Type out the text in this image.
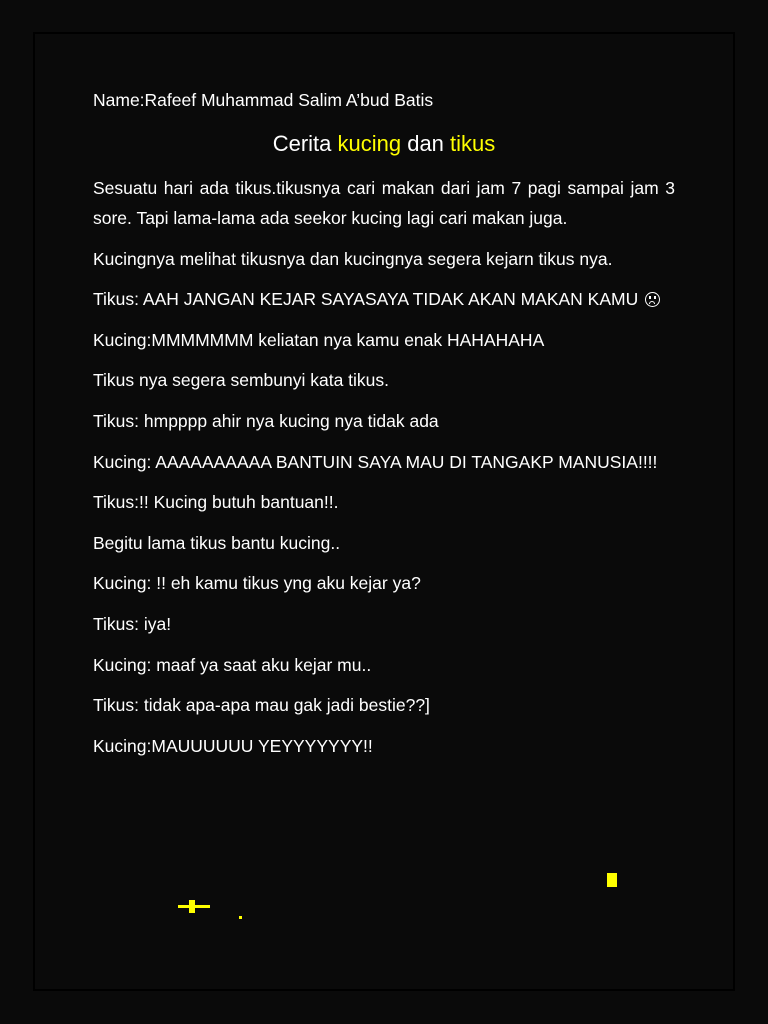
Name:Rafeef Muhammad Salim A’bud Batis
Cerita kucing dan tikus
Sesuatu hari ada tikus.tikusnya cari makan dari jam 7 pagi sampai jam 3 sore. Tapi lama-lama ada seekor kucing lagi cari makan juga.
Kucingnya melihat tikusnya dan kucingnya segera kejarn tikus nya.
Tikus: AAH JANGAN KEJAR SAYASAYA TIDAK AKAN MAKAN KAMU
Kucing:MMMMMMM keliatan nya kamu enak HAHAHAHA
Tikus nya segera sembunyi kata tikus.
Tikus: hmpppp ahir nya kucing nya tidak ada
Kucing: AAAAAAAAAA BANTUIN SAYA MAU DI TANGAKP MANUSIA!!!!
Tikus:!! Kucing butuh bantuan!!.
Begitu lama tikus bantu kucing..
Kucing: !! eh kamu tikus yng aku kejar ya?
Tikus: iya!
Kucing: maaf ya saat aku kejar mu..
Tikus: tidak apa-apa mau gak jadi bestie??]
Kucing:MAUUUUUU YEYYYYYYY!!
